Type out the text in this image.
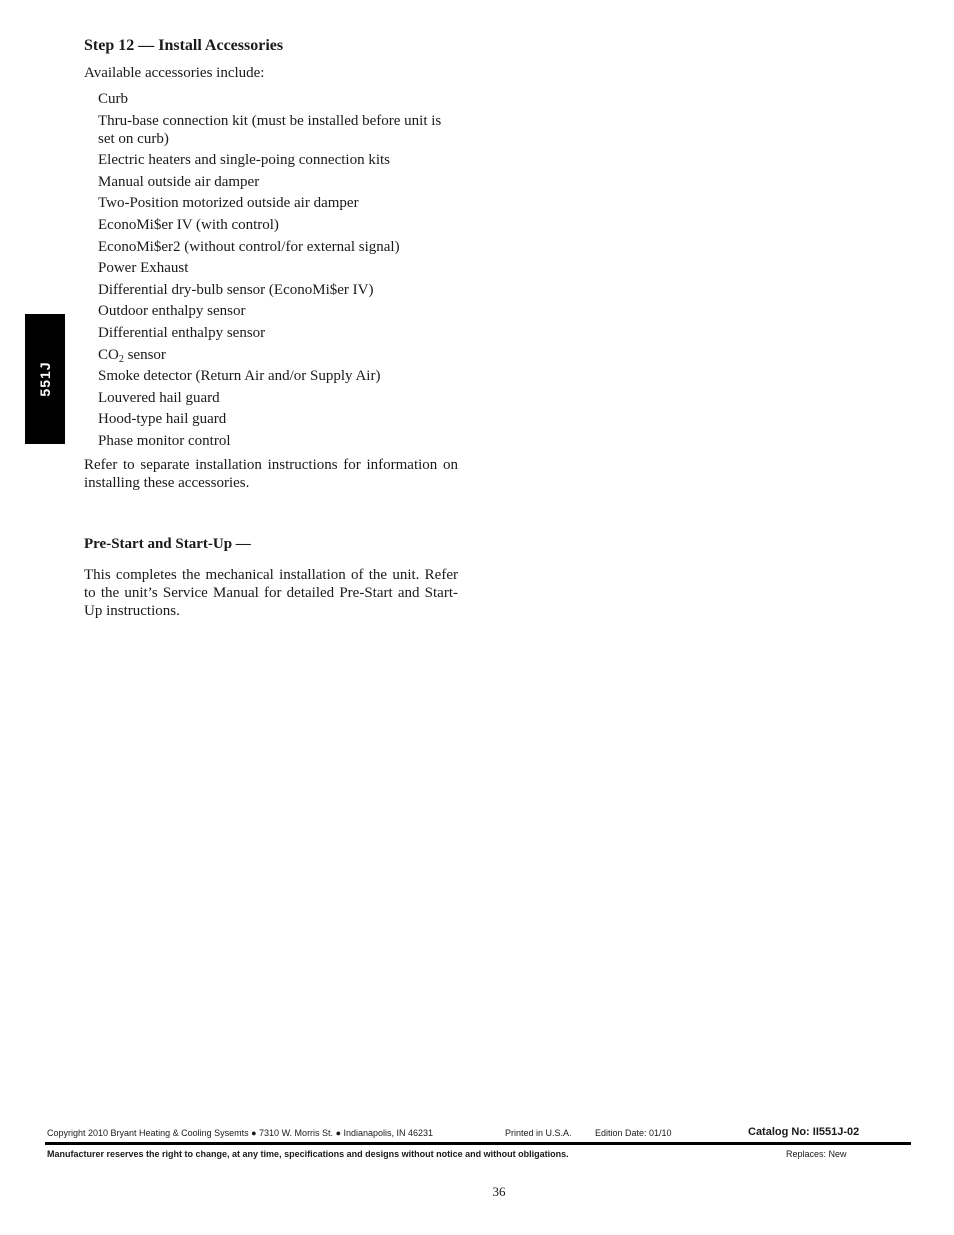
551J
Step 12 — Install Accessories

Available accessories include:

Curb
Thru-base connection kit (must be installed before unit is set on curb)
Electric heaters and single-poing connection kits
Manual outside air damper
Two-Position motorized outside air damper
EconoMi$er IV (with control)
EconoMi$er2 (without control/for external signal)
Power Exhaust
Differential dry-bulb sensor (EconoMi$er IV)
Outdoor enthalpy sensor
Differential enthalpy sensor
$CO_2$ sensor
Smoke detector (Return Air and/or Supply Air)
Louvered hail guard
Hood-type hail guard
Phase monitor control

Refer to separate installation instructions for information on installing these accessories.

Pre-Start and Start-Up —

This completes the mechanical installation of the unit. Refer to the unit’s Service Manual for detailed Pre-Start and Start-Up instructions.

Copyright 2010 Bryant Heating & Cooling Sysemts ● 7310 W. Morris St. ● Indianapolis, IN 46231	Printed in U.S.A.	Edition Date: 01/10	Catalog No: II551J-02
Manufacturer reserves the right to change, at any time, specifications and designs without notice and without obligations.	Replaces: New
36
